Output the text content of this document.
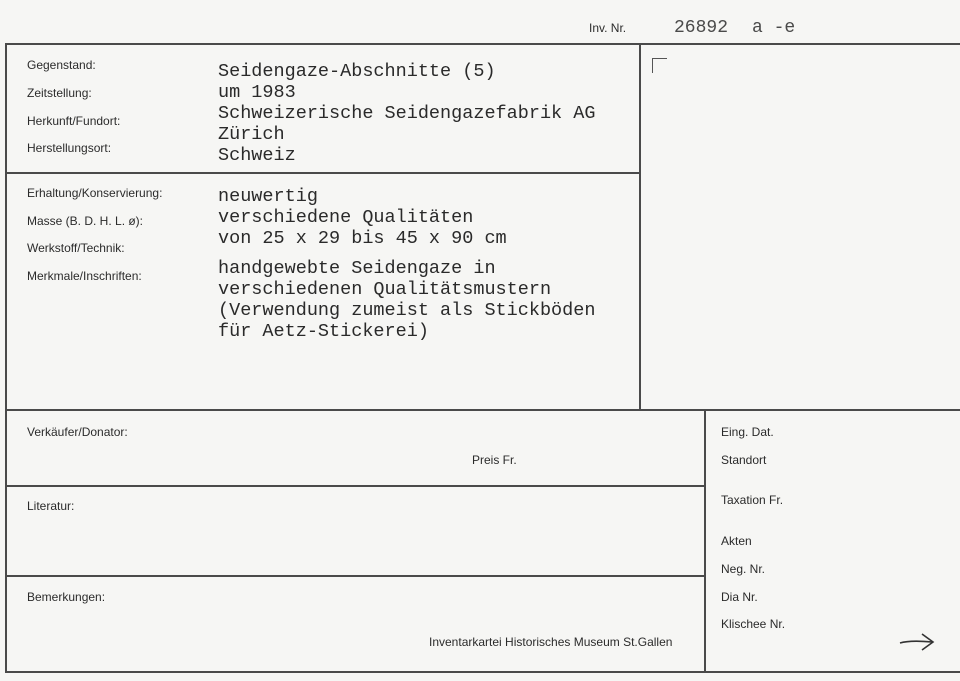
Inv. Nr.	26892 a -e
Gegenstand:
Zeitstellung:
Herkunft/Fundort:
Herstellungsort:
Seidengaze-Abschnitte (5)
um 1983
Schweizerische Seidengazefabrik AG
Zürich
Schweiz
Erhaltung/Konservierung:
Masse (B. D. H. L. ø):
Werkstoff/Technik:
Merkmale/Inschriften:
neuwertig
verschiedene Qualitäten
von 25 x 29 bis 45 x 90 cm
handgewebte Seidengaze in
verschiedenen Qualitätsmustern
(Verwendung zumeist als Stickböden
für Aetz-Stickerei)
Verkäufer/Donator:
Preis Fr.
Literatur:
Bemerkungen:
Inventarkartei Historisches Museum St.Gallen
Eing. Dat.
Standort
Taxation Fr.
Akten
Neg. Nr.
Dia Nr.
Klischee Nr.
